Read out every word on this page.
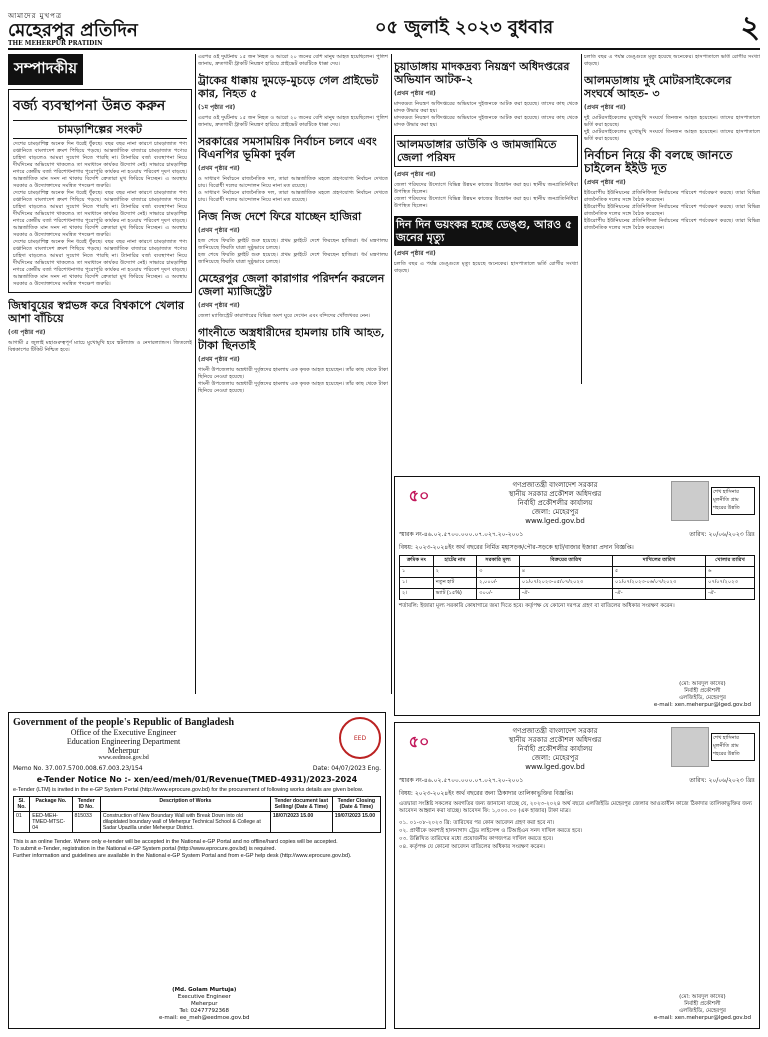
আমাদের মুখপত্র
মেহেরপুর প্রতিদিন
THE MEHERPUR PRATIDIN
০৫ জুলাই ২০২৩ বুধবার	২
সম্পাদকীয়
বর্জ্য ব্যবস্থাপনা উন্নত করুন
চামড়াশিল্পের সংকট
দেশের চামড়াশিল্প অনেক দিন ধরেই ধুঁকছে। বছর বছর নানা কারণে চামড়াজাত পণ্য রপ্তানিতে বাংলাদেশ ক্রমশ পিছিয়ে পড়ছে। আন্তর্জাতিক বাজারে চামড়াজাত পণ্যের চাহিদা বাড়লেও আমরা সুযোগ নিতে পারছি না। ট্যানারির বর্জ্য ব্যবস্থাপনা নিয়ে দীর্ঘদিনের অভিযোগ থাকলেও তা সমাধানে কার্যকর উদ্যোগ নেই। সাভারে চামড়াশিল্প নগরে কেন্দ্রীয় বর্জ্য পরিশোধনাগার পুরোপুরি কার্যকর না হওয়ায় পরিবেশ দূষণ বাড়ছে। আন্তর্জাতিক মান সনদ না থাকায় বিদেশি ক্রেতারা মুখ ফিরিয়ে নিচ্ছেন। এ অবস্থায় সরকার ও উদ্যোক্তাদের সমন্বিত পদক্ষেপ জরুরি।
দেশের চামড়াশিল্প অনেক দিন ধরেই ধুঁকছে। বছর বছর নানা কারণে চামড়াজাত পণ্য রপ্তানিতে বাংলাদেশ ক্রমশ পিছিয়ে পড়ছে। আন্তর্জাতিক বাজারে চামড়াজাত পণ্যের চাহিদা বাড়লেও আমরা সুযোগ নিতে পারছি না। ট্যানারির বর্জ্য ব্যবস্থাপনা নিয়ে দীর্ঘদিনের অভিযোগ থাকলেও তা সমাধানে কার্যকর উদ্যোগ নেই। সাভারে চামড়াশিল্প নগরে কেন্দ্রীয় বর্জ্য পরিশোধনাগার পুরোপুরি কার্যকর না হওয়ায় পরিবেশ দূষণ বাড়ছে। আন্তর্জাতিক মান সনদ না থাকায় বিদেশি ক্রেতারা মুখ ফিরিয়ে নিচ্ছেন। এ অবস্থায় সরকার ও উদ্যোক্তাদের সমন্বিত পদক্ষেপ জরুরি।
দেশের চামড়াশিল্প অনেক দিন ধরেই ধুঁকছে। বছর বছর নানা কারণে চামড়াজাত পণ্য রপ্তানিতে বাংলাদেশ ক্রমশ পিছিয়ে পড়ছে। আন্তর্জাতিক বাজারে চামড়াজাত পণ্যের চাহিদা বাড়লেও আমরা সুযোগ নিতে পারছি না। ট্যানারির বর্জ্য ব্যবস্থাপনা নিয়ে দীর্ঘদিনের অভিযোগ থাকলেও তা সমাধানে কার্যকর উদ্যোগ নেই। সাভারে চামড়াশিল্প নগরে কেন্দ্রীয় বর্জ্য পরিশোধনাগার পুরোপুরি কার্যকর না হওয়ায় পরিবেশ দূষণ বাড়ছে। আন্তর্জাতিক মান সনদ না থাকায় বিদেশি ক্রেতারা মুখ ফিরিয়ে নিচ্ছেন। এ অবস্থায় সরকার ও উদ্যোক্তাদের সমন্বিত পদক্ষেপ জরুরি।
জিম্বাবুয়ের স্বপ্নভঙ্গ করে বিশ্বকাপে খেলার আশা বাঁচিয়ে
(৩য় পৃষ্ঠার পর)
আগামী ৫ জুলাই মহাগুরুত্বপূর্ণ ম্যাচে মুখোমুখি হবে স্কটল্যান্ড ও নেদারল্যান্ডস। জিতলেই বিশ্বকাপের টিকিট নিশ্চিত হবে।
এরপর ওই দুর্ঘটনায় ১৫ জন নিহত ও আরো ২০ জনের বেশি মানুষ আহত হয়েছিলেন। পুলিশ জানায়, দ্রুতগামী ট্রাকটি নিয়ন্ত্রণ হারিয়ে প্রাইভেট কারটিকে ধাক্কা দেয়।
ট্রাকের ধাক্কায় দুমড়ে-মুচড়ে গেল প্রাইভেট কার, নিহত ৫
(১ম পৃষ্ঠার পর)
এরপর ওই দুর্ঘটনায় ১৫ জন নিহত ও আরো ২০ জনের বেশি মানুষ আহত হয়েছিলেন। পুলিশ জানায়, দ্রুতগামী ট্রাকটি নিয়ন্ত্রণ হারিয়ে প্রাইভেট কারটিকে ধাক্কা দেয়।
সরকারের সমসাময়িক নির্বাচন চলবে এবং বিএনপির ভূমিকা দুর্বল
(প্রথম পৃষ্ঠার পর)
ও সাধারণ নির্বাচনে রাজনৈতিক দল, তারা আন্তর্জাতিক মহলে গ্রহণযোগ্য নির্বাচন দেখতে চায়। বিরোধী দলের আন্দোলন নিয়ে নানা মত রয়েছে।
ও সাধারণ নির্বাচনে রাজনৈতিক দল, তারা আন্তর্জাতিক মহলে গ্রহণযোগ্য নির্বাচন দেখতে চায়। বিরোধী দলের আন্দোলন নিয়ে নানা মত রয়েছে।
নিজ নিজ দেশে ফিরে যাচ্ছেন হাজিরা
(প্রথম পৃষ্ঠার পর)
হজ শেষে ফিরতি ফ্লাইট শুরু হয়েছে। প্রথম ফ্লাইটে দেশে ফিরছেন হাজিরা। ধর্ম মন্ত্রণালয় জানিয়েছে ফিরতি যাত্রা সুষ্ঠুভাবে চলছে।
হজ শেষে ফিরতি ফ্লাইট শুরু হয়েছে। প্রথম ফ্লাইটে দেশে ফিরছেন হাজিরা। ধর্ম মন্ত্রণালয় জানিয়েছে ফিরতি যাত্রা সুষ্ঠুভাবে চলছে।
মেহেরপুর জেলা কারাগার পরিদর্শন করলেন জেলা ম্যাজিস্ট্রেট
(প্রথম পৃষ্ঠার পর)
জেলা ম্যাজিস্ট্রেট কারাগারের বিভিন্ন অংশ ঘুরে দেখেন এবং বন্দিদের খোঁজখবর নেন।
গাংনীতে অস্ত্রধারীদের হামলায় চাষি আহত, টাকা ছিনতাই
(প্রথম পৃষ্ঠার পর)
গাংনী উপজেলায় অস্ত্রধারী দুর্বৃত্তদের হামলায় এক কৃষক আহত হয়েছেন। তাঁর কাছ থেকে টাকা ছিনিয়ে নেওয়া হয়েছে।
গাংনী উপজেলায় অস্ত্রধারী দুর্বৃত্তদের হামলায় এক কৃষক আহত হয়েছেন। তাঁর কাছ থেকে টাকা ছিনিয়ে নেওয়া হয়েছে।
চুয়াডাঙ্গায় মাদকদ্রব্য নিয়ন্ত্রণ অধিদপ্তরের অভিযান আটক-২
(প্রথম পৃষ্ঠার পর)
মাদকদ্রব্য নিয়ন্ত্রণ অধিদপ্তরের অভিযানে দুইজনকে আটক করা হয়েছে। তাদের কাছ থেকে মাদক উদ্ধার করা হয়।
মাদকদ্রব্য নিয়ন্ত্রণ অধিদপ্তরের অভিযানে দুইজনকে আটক করা হয়েছে। তাদের কাছ থেকে মাদক উদ্ধার করা হয়।
আলমডাঙ্গার ডাউকি ও জামজামিতে জেলা পরিষদ
(প্রথম পৃষ্ঠার পর)
জেলা পরিষদের উদ্যোগে বিভিন্ন উন্নয়ন কাজের উদ্বোধন করা হয়। স্থানীয় জনপ্রতিনিধিরা উপস্থিত ছিলেন।
জেলা পরিষদের উদ্যোগে বিভিন্ন উন্নয়ন কাজের উদ্বোধন করা হয়। স্থানীয় জনপ্রতিনিধিরা উপস্থিত ছিলেন।
দিন দিন ভয়ংকর হচ্ছে ডেঙ্গু, আরও ৫ জনের মৃত্যু
(প্রথম পৃষ্ঠার পর)
চলতি বছর এ পর্যন্ত ডেঙ্গুতে মৃত্যু হয়েছে অনেকের। হাসপাতালে ভর্তি রোগীর সংখ্যা বাড়ছে।
চলতি বছর এ পর্যন্ত ডেঙ্গুতে মৃত্যু হয়েছে অনেকের। হাসপাতালে ভর্তি রোগীর সংখ্যা বাড়ছে।
আলমডাঙ্গায় দুই মোটরসাইকেলের সংঘর্ষে আহত- ৩
(প্রথম পৃষ্ঠার পর)
দুই মোটরসাইকেলের মুখোমুখি সংঘর্ষে তিনজন আহত হয়েছেন। তাদের হাসপাতালে ভর্তি করা হয়েছে।
দুই মোটরসাইকেলের মুখোমুখি সংঘর্ষে তিনজন আহত হয়েছেন। তাদের হাসপাতালে ভর্তি করা হয়েছে।
নির্বাচন নিয়ে কী বলছে জানতে চাইলেন ইইউ দূত
(প্রথম পৃষ্ঠার পর)
ইউরোপীয় ইউনিয়নের প্রতিনিধিদল নির্বাচনের পরিবেশ পর্যবেক্ষণ করছে। তারা বিভিন্ন রাজনৈতিক দলের সঙ্গে বৈঠক করেছেন।
ইউরোপীয় ইউনিয়নের প্রতিনিধিদল নির্বাচনের পরিবেশ পর্যবেক্ষণ করছে। তারা বিভিন্ন রাজনৈতিক দলের সঙ্গে বৈঠক করেছেন।
ইউরোপীয় ইউনিয়নের প্রতিনিধিদল নির্বাচনের পরিবেশ পর্যবেক্ষণ করছে। তারা বিভিন্ন রাজনৈতিক দলের সঙ্গে বৈঠক করেছেন।
৫০
গণপ্রজাতন্ত্রী বাংলাদেশ সরকার
স্থানীয় সরকার প্রকৌশল অধিদপ্তর
নির্বাহী প্রকৌশলীর কার্যালয়
জেলা: মেহেরপুর
www.lged.gov.bd
শেখ হাসিনার মূলনীতি গ্রাম শহরের উন্নতি
স্মারক নং-৪৬.০২.৫৭০০.০০০.০৭.০২৭.২০-২০০১	তারিখ: ২০/০৬/২০২৩ খ্রিঃ
বিষয়: ২০২৩-২০২৪ইং অর্থ বছরের নির্মিত মহাসড়ক/পৌর-সড়কে হাট/বাজার ইজারা প্রদান বিজ্ঞপ্তি।
ক্রমিক নং	হাটের নাম	সরকারি মূল্য	বিক্রয়ের তারিখ	দাখিলের তারিখ	খোলার তারিখ
১	২	৩	৪	৫	৬
১।	নতুন হাট	২,০০০/-	০১/০৭/২০২৩-০৫/০৭/২০২৩	০১/০৭/২০২৩-০৬/০৭/২০২৩	০৭/০৭/২০২৩
২।	ভ্যাট (১৫%)	৩০০/-	-ঐ-	-ঐ-	-ঐ-
শর্তাবলি: ইজারা মূল্য সরকারি কোষাগারে জমা দিতে হবে। কর্তৃপক্ষ যে কোনো দরপত্র গ্রহণ বা বাতিলের অধিকার সংরক্ষণ করেন।
(মো: আবদুল কাদের)
নির্বাহী প্রকৌশলী
এলজিইডি, মেহেরপুর
e-mail: xen.meherpur@lged.gov.bd
Government of the people's Republic of Bangladesh
Office of the Executive Engineer
Education Engineering Department
Meherpur
www.eedmoe.gov.bd
EED
Memo No. 37.007.5700.008.67.003.23/154	Date: 04/07/2023 Eng.
e-Tender Notice No :- xen/eed/meh/01/Revenue(TMED-4931)/2023-2024
e-Tender (LTM) is invited in the e-GP System Portal (http://www.eprocure.gov.bd) for the procurement of following works details are given below.
Sl. No.	Package No.	Tender ID No.	Description of Works	Tender document last Selling/ (Date & Time)	Tender Closing (Date & Time)
01	EED-MEH-TMED-MTSC-04	815033	Construction of New Boundary Wall with Break Down into old dilapidated boundary wall of Meherpur Technical School & College at Sadar Upazilla under Meherpur District.	18/07/2023 15.00	19/07/2023 15.00
This is an online Tender. Where only e-tender will be accepted in the National e-GP Portal and no offline/hard copies will be accepted.
To submit e-Tender, registration in the National e-GP System portal (http://www.eprocure.gov.bd) is required.
Further information and guidelines are available in the National e-GP System Portal and from e-GP help desk (http://www.eprocure.gov.bd).
(Md. Golam Murtuja)
Executive Engineer
Meherpur
Tel: 02477792368
e-mail: ee_meh@eedmoe.gov.bd
৫০
গণপ্রজাতন্ত্রী বাংলাদেশ সরকার
স্থানীয় সরকার প্রকৌশল অধিদপ্তর
নির্বাহী প্রকৌশলীর কার্যালয়
জেলা: মেহেরপুর
www.lged.gov.bd
শেখ হাসিনার মূলনীতি গ্রাম শহরের উন্নতি
স্মারক নং-৪৬.০২.৫৭০০.০০০.০৭.০২৭.২০-২০০১	তারিখ: ২০/০৬/২০২৩ খ্রিঃ
বিষয়: ২০২৩-২০২৪ইং অর্থ বছরের জন্য ঠিকাদার তালিকাভুক্তির বিজ্ঞপ্তি।
এতদ্বারা সংশ্লিষ্ট সকলের অবগতির জন্য জানানো যাচ্ছে যে, ২০২৩-২০২৪ অর্থ বছরে এলজিইডি মেহেরপুর জেলার আওতাধীন কাজে ঠিকাদার তালিকাভুক্তির জন্য আবেদন আহ্বান করা যাচ্ছে। আবেদন ফি: ১,০০০.০০ (এক হাজার) টাকা মাত্র।
০১. ০১-০৮-২০২৩ খ্রি: তারিখের পর কোন আবেদন গ্রহণ করা হবে না।
০২. প্রার্থীকে অবশ্যই হালনাগাদ ট্রেড লাইসেন্স ও টিআইএন সনদ দাখিল করতে হবে।
০৩. উল্লিখিত তারিখের মধ্যে প্রয়োজনীয় কাগজপত্র দাখিল করতে হবে।
০৪. কর্তৃপক্ষ যে কোনো আবেদন বাতিলের অধিকার সংরক্ষণ করেন।
(মো: আবদুল কাদের)
নির্বাহী প্রকৌশলী
এলজিইডি, মেহেরপুর
e-mail: xen.meherpur@lged.gov.bd
